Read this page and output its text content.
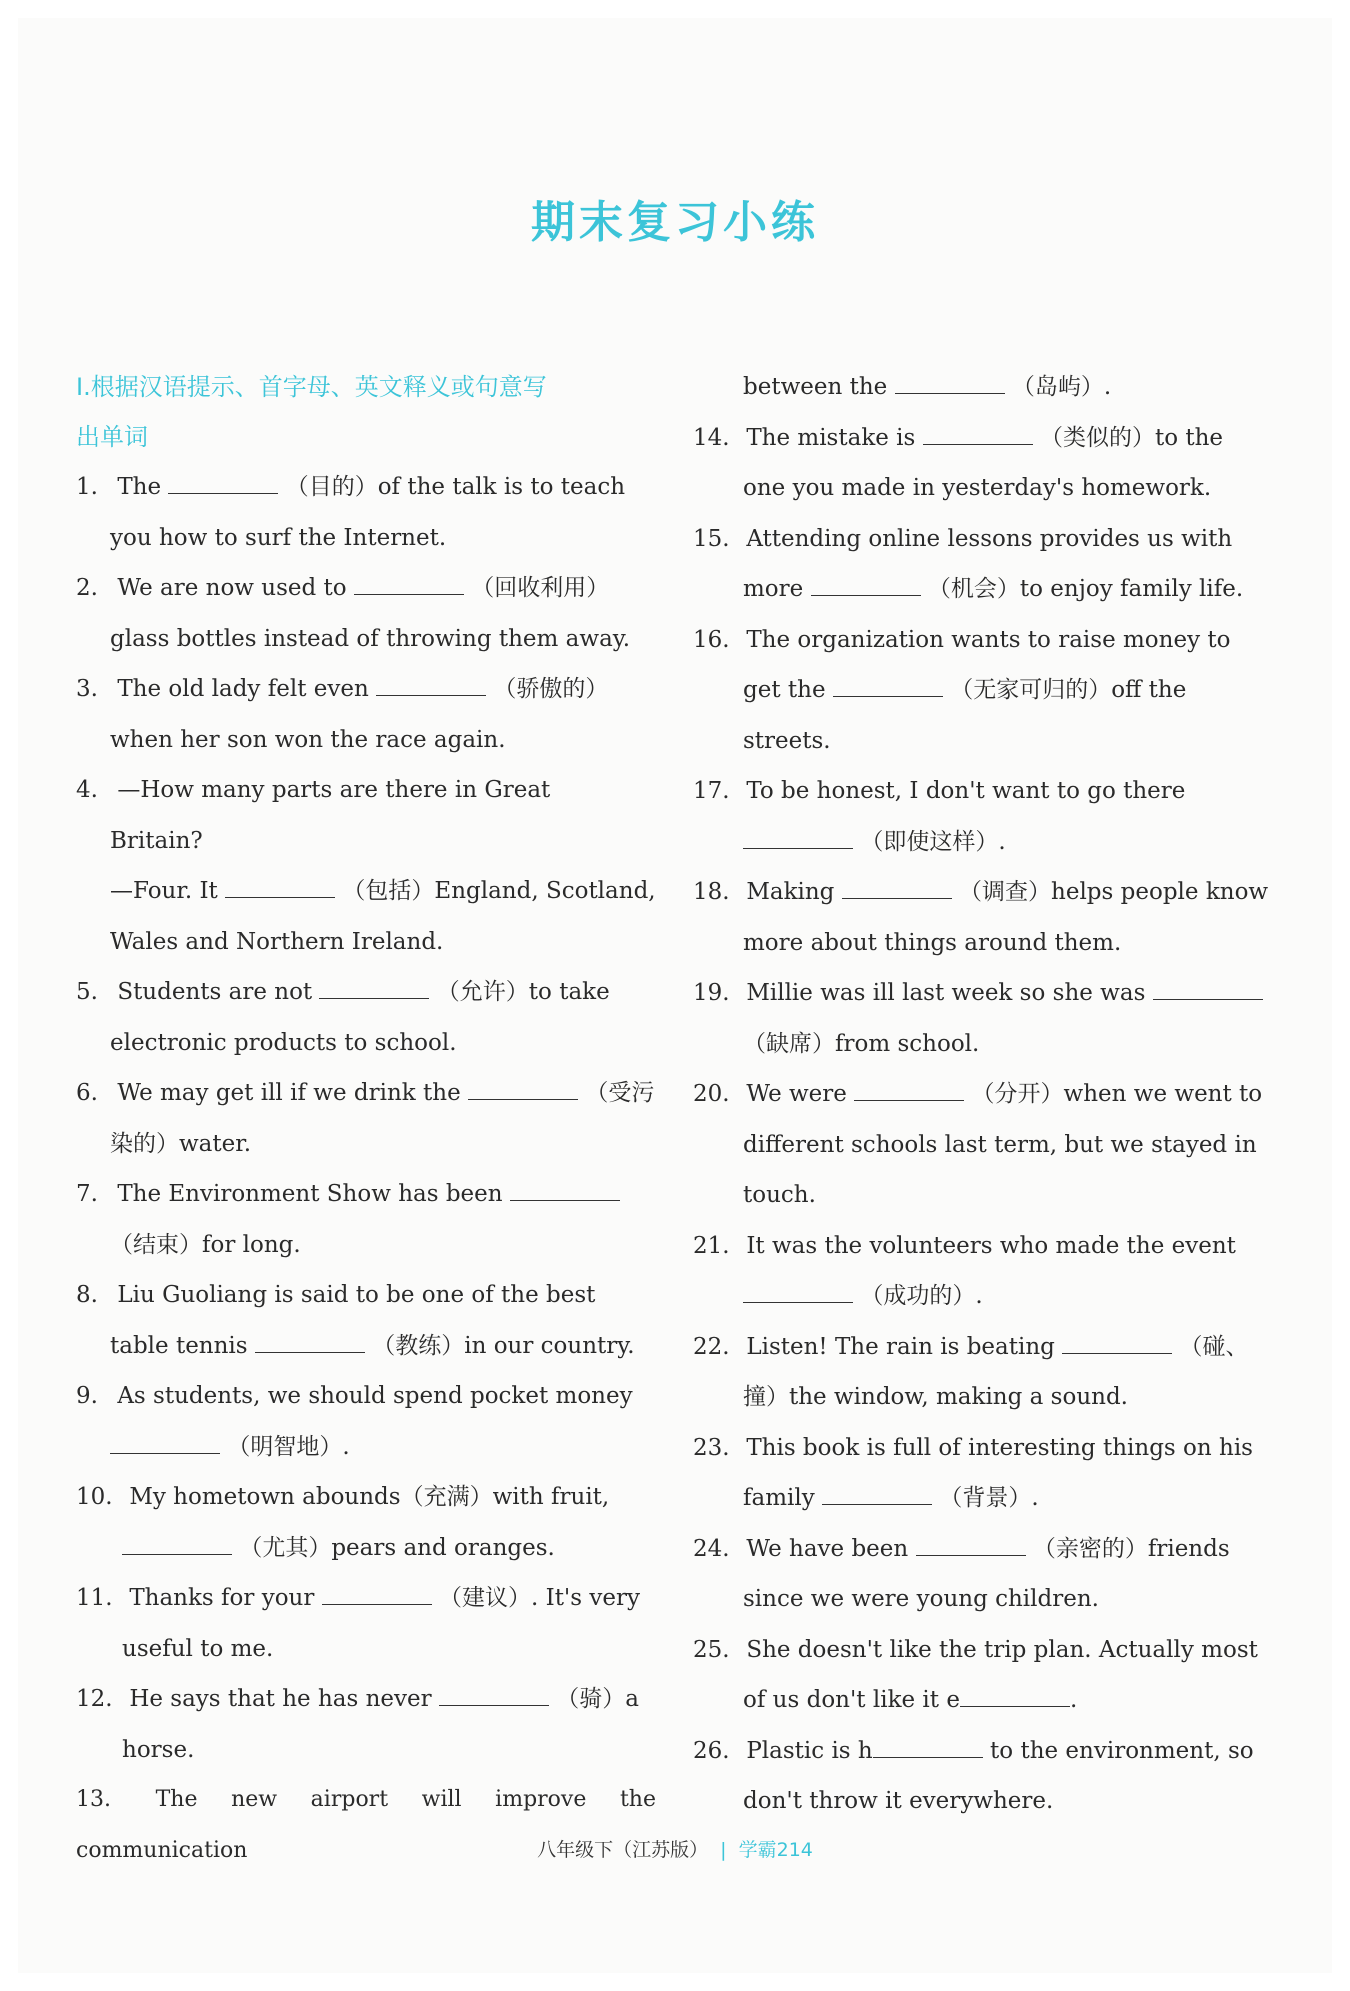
期末复习小练
Ⅰ.根据汉语提示、首字母、英文释义或句意写
出单词
1. The	（目的）of the talk is to teach
you how to surf the Internet.
2. We are now used to	（回收利用）
glass bottles instead of throwing them away.
3. The old lady felt even	（骄傲的）
when her son won the race again.
4. —How many parts are there in Great
Britain?
—Four. It	（包括）England, Scotland,
Wales and Northern Ireland.
5. Students are not	（允许）to take
electronic products to school.
6. We may get ill if we drink the	（受污
染的）water.
7. The Environment Show has been
（结束）for long.
8. Liu Guoliang is said to be one of the best
table tennis	（教练）in our country.
9. As students, we should spend pocket money
（明智地）.
10. My hometown abounds（充满）with fruit,
（尤其）pears and oranges.
11. Thanks for your	（建议）. It's very
useful to me.
12. He says that he has never	（骑）a
horse.
13. The new airport will improve the communication
between the	（岛屿）.
14. The mistake is	（类似的）to the
one you made in yesterday's homework.
15. Attending online lessons provides us with
more	（机会）to enjoy family life.
16. The organization wants to raise money to
get the	（无家可归的）off the
streets.
17. To be honest, I don't want to go there
（即使这样）.
18. Making	（调查）helps people know
more about things around them.
19. Millie was ill last week so she was
（缺席）from school.
20. We were	（分开）when we went to
different schools last term, but we stayed in
touch.
21. It was the volunteers who made the event
（成功的）.
22. Listen! The rain is beating	（碰、
撞）the window, making a sound.
23. This book is full of interesting things on his
family	（背景）.
24. We have been	（亲密的）friends
since we were young children.
25. She doesn't like the trip plan. Actually most
of us don't like it e	.
26. Plastic is h	to the environment, so
don't throw it everywhere.
八年级下（江苏版） | 学霸214
